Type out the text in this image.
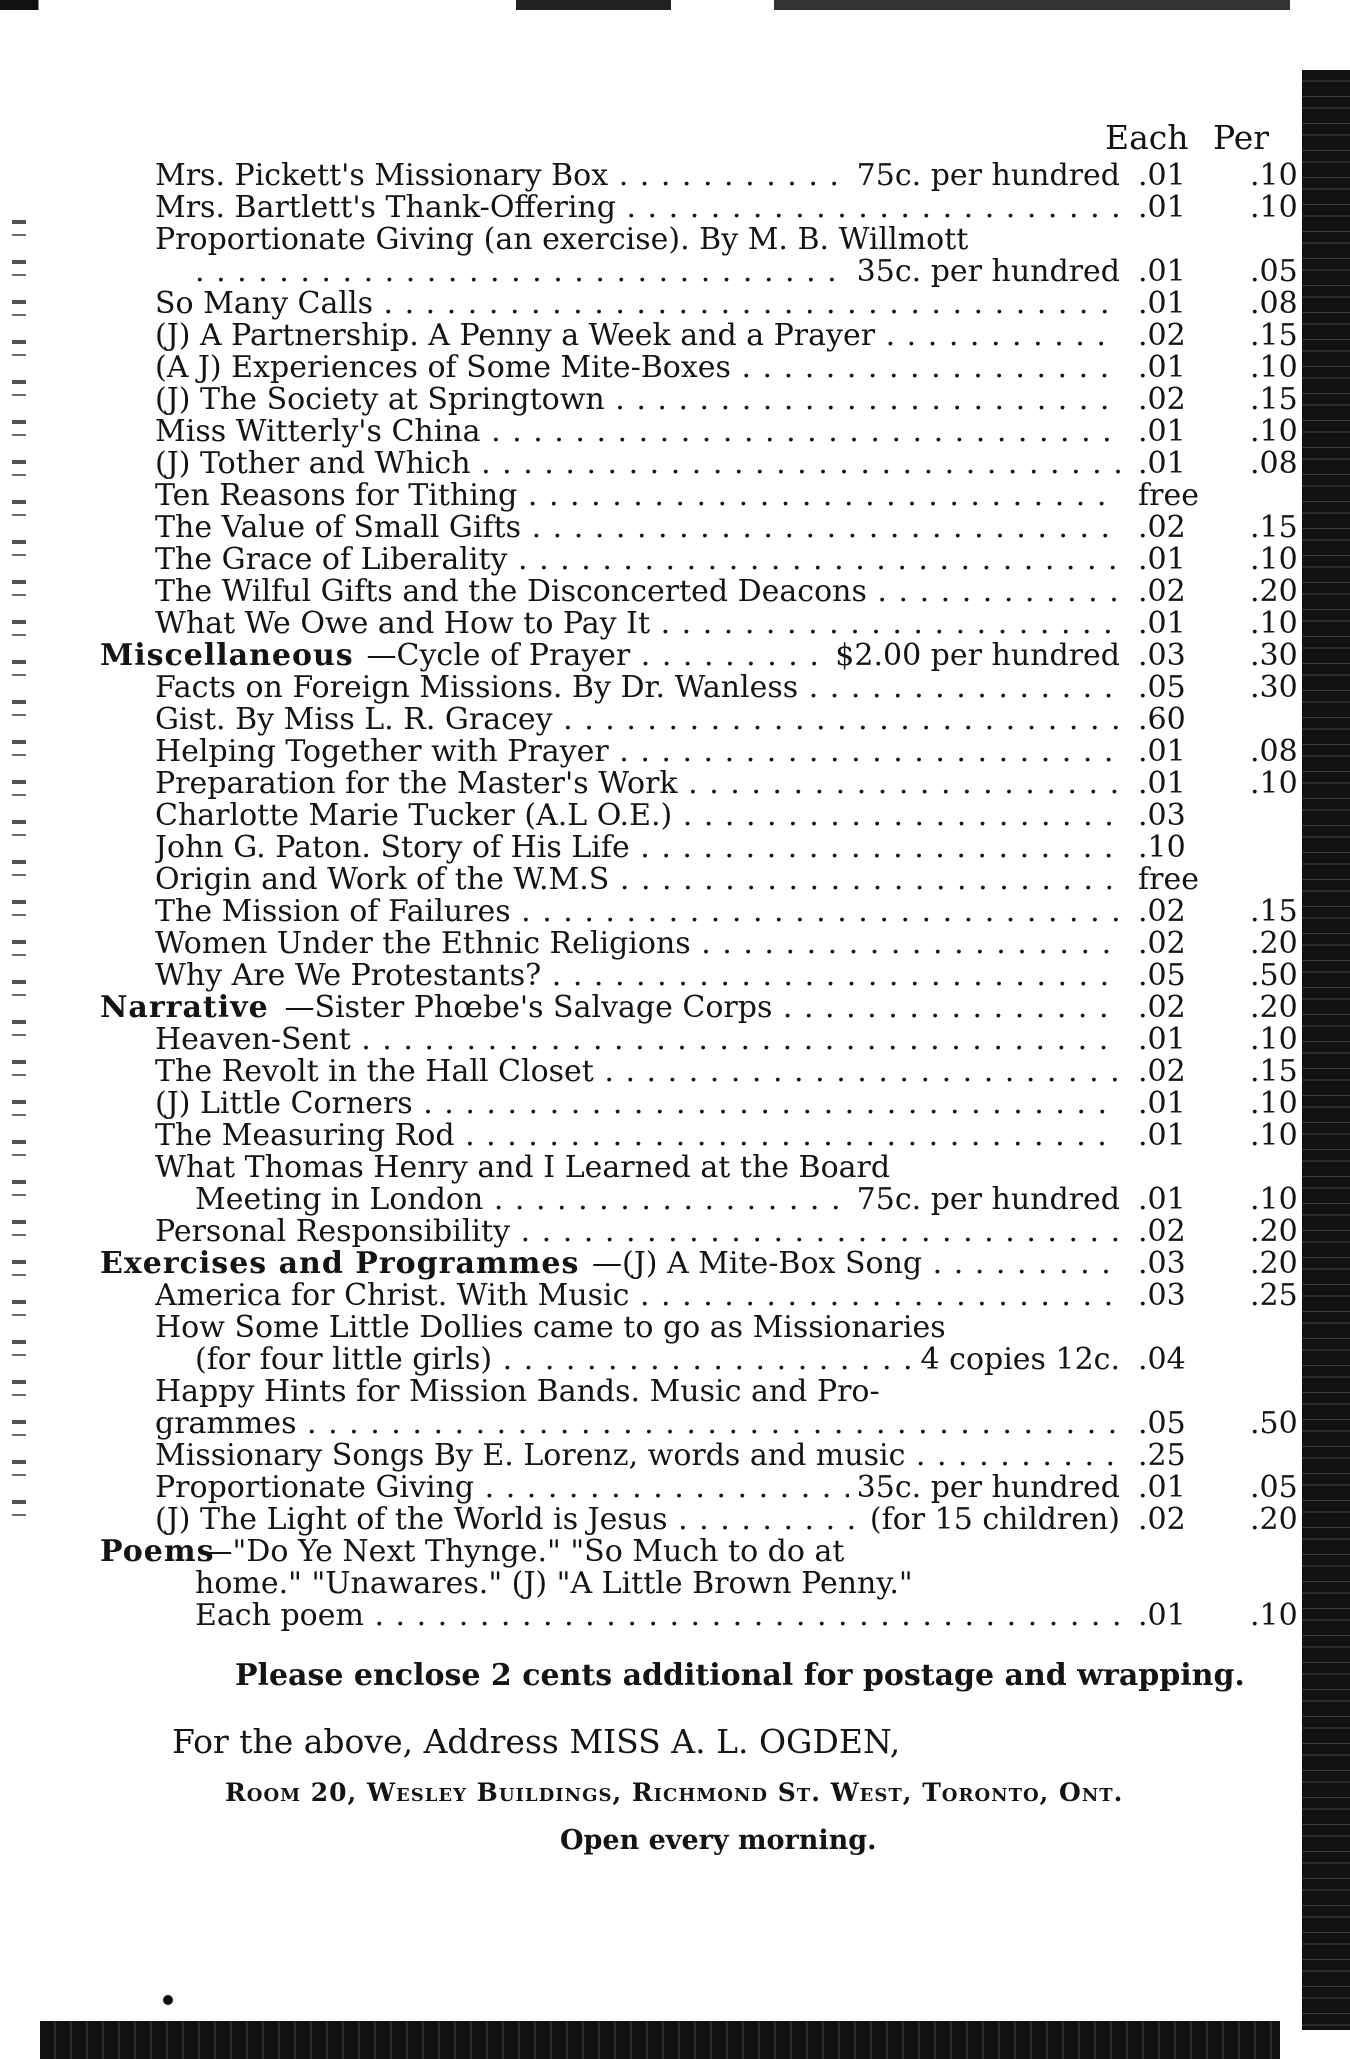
Each Per
Mrs. Pickett's Missionary Box . . .	75c. per hundred .01 .10
Mrs. Bartlett's Thank-Offering . . .	.01 .10
Proportionate Giving (an exercise). By M. B. Willmott
. . .
35c. per hundred .01 .05
So Many Calls . . .	.01 .08
(J) A Partnership. A Penny a Week and a Prayer . . .	.02 .15
(A J) Experiences of Some Mite-Boxes . . .	.01 .10
(J) The Society at Springtown . . .	.02 .15
Miss Witterly's China . . .	.01 .10
(J) Tother and Which . . .	.01 .08
Ten Reasons for Tithing . . .	free
The Value of Small Gifts . . .	.02 .15
The Grace of Liberality . . .	.01 .10
The Wilful Gifts and the Disconcerted Deacons . . .	.02 .20
What We Owe and How to Pay It . . .	.01 .10
Miscellaneous —Cycle of Prayer . . .	$2.00 per hundred .03 .30
Facts on Foreign Missions. By Dr. Wanless . . .	.05 .30
Gist. By Miss L. R. Gracey . . .	.60
Helping Together with Prayer . . .	.01 .08
Preparation for the Master's Work . . .	.01 .10
Charlotte Marie Tucker (A.L O.E.) . . .	.03
John G. Paton. Story of His Life . . .	.10
Origin and Work of the W.M.S . . .	free
The Mission of Failures . . .	.02 .15
Women Under the Ethnic Religions . . .	.02 .20
Why Are We Protestants? . . .	.05 .50
Narrative —Sister Phœbe's Salvage Corps . . .	.02 .20
Heaven-Sent . . .	.01 .10
The Revolt in the Hall Closet . . .	.02 .15
(J) Little Corners . . .	.01 .10
The Measuring Rod . . .	.01 .10
What Thomas Henry and I Learned at the Board
Meeting in London . . .	75c. per hundred .01 .10
Personal Responsibility . . .	.02 .20
Exercises and Programmes —(J) A Mite-Box Song . . .	.03 .20
America for Christ. With Music . . .	.03 .25
How Some Little Dollies came to go as Missionaries
(for four little girls) . . .	4 copies 12c. .04
Happy Hints for Mission Bands. Music and Pro-
grammes . . .	.05 .50
Missionary Songs By E. Lorenz, words and music . . .	.25
Proportionate Giving . . .	35c. per hundred .01 .05
(J) The Light of the World is Jesus . . .	(for 15 children) .02 .20
Poems
—"Do Ye Next Thynge." "So Much to do at
home." "Unawares." (J) "A Little Brown Penny."
Each poem . . .	.01 .10
Please enclose 2 cents additional for postage and wrapping.
For the above, Address MISS A. L. OGDEN,
Room 20, Wesley Buildings, Richmond St. West, Toronto, Ont.
Open every morning.
